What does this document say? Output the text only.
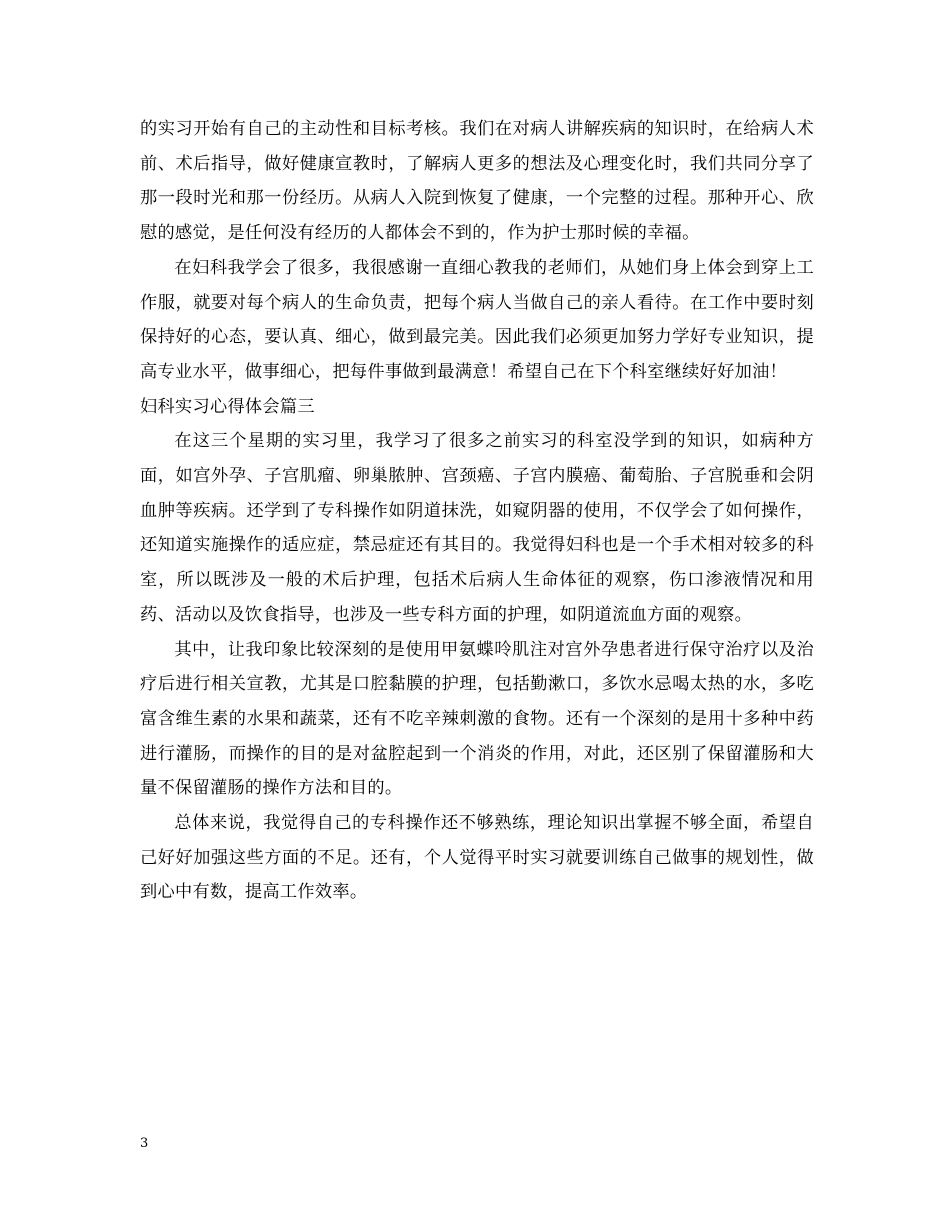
的实习开始有自己的主动性和目标考核。我们在对病人讲解疾病的知识时，在给病人术前、术后指导，做好健康宣教时，了解病人更多的想法及心理变化时，我们共同分享了那一段时光和那一份经历。从病人入院到恢复了健康，一个完整的过程。那种开心、欣慰的感觉，是任何没有经历的人都体会不到的，作为护士那时候的幸福。

在妇科我学会了很多，我很感谢一直细心教我的老师们，从她们身上体会到穿上工作服，就要对每个病人的生命负责，把每个病人当做自己的亲人看待。在工作中要时刻保持好的心态，要认真、细心，做到最完美。因此我们必须更加努力学好专业知识，提高专业水平，做事细心，把每件事做到最满意！希望自己在下个科室继续好好加油！

妇科实习心得体会篇三

在这三个星期的实习里，我学习了很多之前实习的科室没学到的知识，如病种方面，如宫外孕、子宫肌瘤、卵巢脓肿、宫颈癌、子宫内膜癌、葡萄胎、子宫脱垂和会阴血肿等疾病。还学到了专科操作如阴道抹洗，如窥阴器的使用，不仅学会了如何操作，还知道实施操作的适应症，禁忌症还有其目的。我觉得妇科也是一个手术相对较多的科室，所以既涉及一般的术后护理，包括术后病人生命体征的观察，伤口渗液情况和用药、活动以及饮食指导，也涉及一些专科方面的护理，如阴道流血方面的观察。

其中，让我印象比较深刻的是使用甲氨蝶呤肌注对宫外孕患者进行保守治疗以及治疗后进行相关宣教，尤其是口腔黏膜的护理，包括勤漱口，多饮水忌喝太热的水，多吃富含维生素的水果和蔬菜，还有不吃辛辣刺激的食物。还有一个深刻的是用十多种中药进行灌肠，而操作的目的是对盆腔起到一个消炎的作用，对此，还区别了保留灌肠和大量不保留灌肠的操作方法和目的。

总体来说，我觉得自己的专科操作还不够熟练，理论知识出掌握不够全面，希望自己好好加强这些方面的不足。还有，个人觉得平时实习就要训练自己做事的规划性，做到心中有数，提高工作效率。

3
